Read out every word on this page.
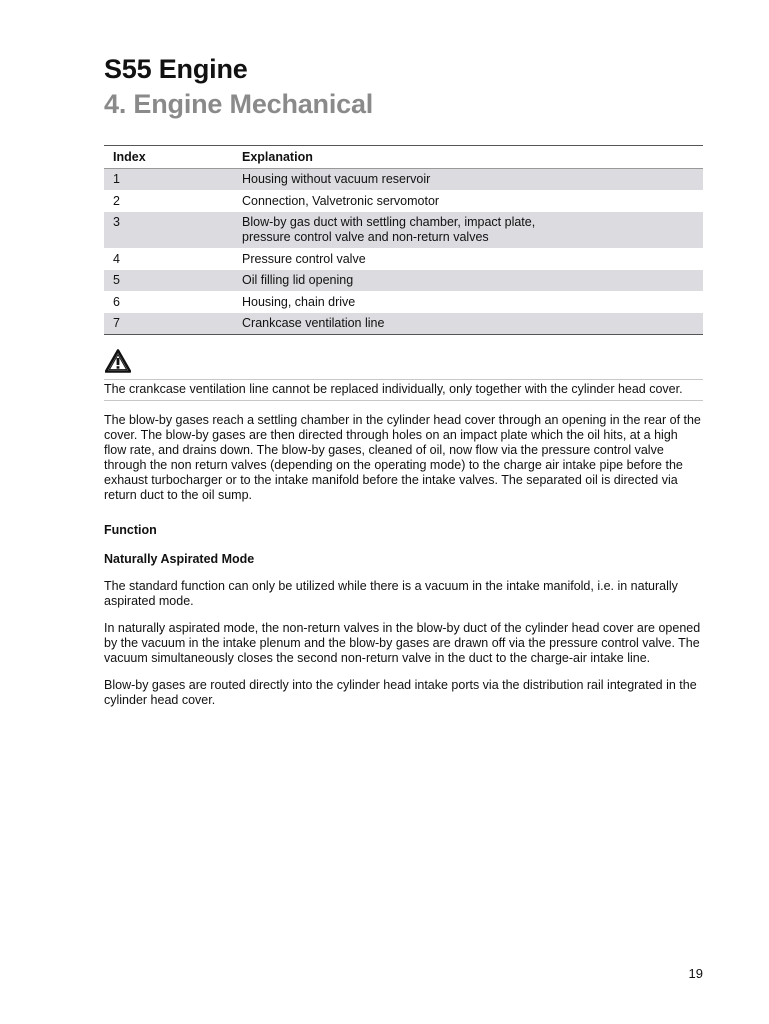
S55 Engine
4. Engine Mechanical
Index	Explanation
1	Housing without vacuum reservoir
2	Connection, Valvetronic servomotor
3	Blow-by gas duct with settling chamber, impact plate,
pressure control valve and non-return valves
4	Pressure control valve
5	Oil filling lid opening
6	Housing, chain drive
7	Crankcase ventilation line
The crankcase ventilation line cannot be replaced individually, only together with the cylinder head cover.

The blow-by gases reach a settling chamber in the cylinder head cover through an opening in the rear of the cover. The blow-by gases are then directed through holes on an impact plate which the oil hits, at a high flow rate, and drains down. The blow-by gases, cleaned of oil, now flow via the pressure control valve through the non return valves (depending on the operating mode) to the charge air intake pipe before the exhaust turbocharger or to the intake manifold before the intake valves. The separated oil is directed via return duct to the oil sump.

Function

Naturally Aspirated Mode

The standard function can only be utilized while there is a vacuum in the intake manifold, i.e. in naturally aspirated mode.

In naturally aspirated mode, the non-return valves in the blow-by duct of the cylinder head cover are opened by the vacuum in the intake plenum and the blow-by gases are drawn off via the pressure control valve. The vacuum simultaneously closes the second non-return valve in the duct to the charge-air intake line.

Blow-by gases are routed directly into the cylinder head intake ports via the distribution rail integrated in the cylinder head cover.

19
